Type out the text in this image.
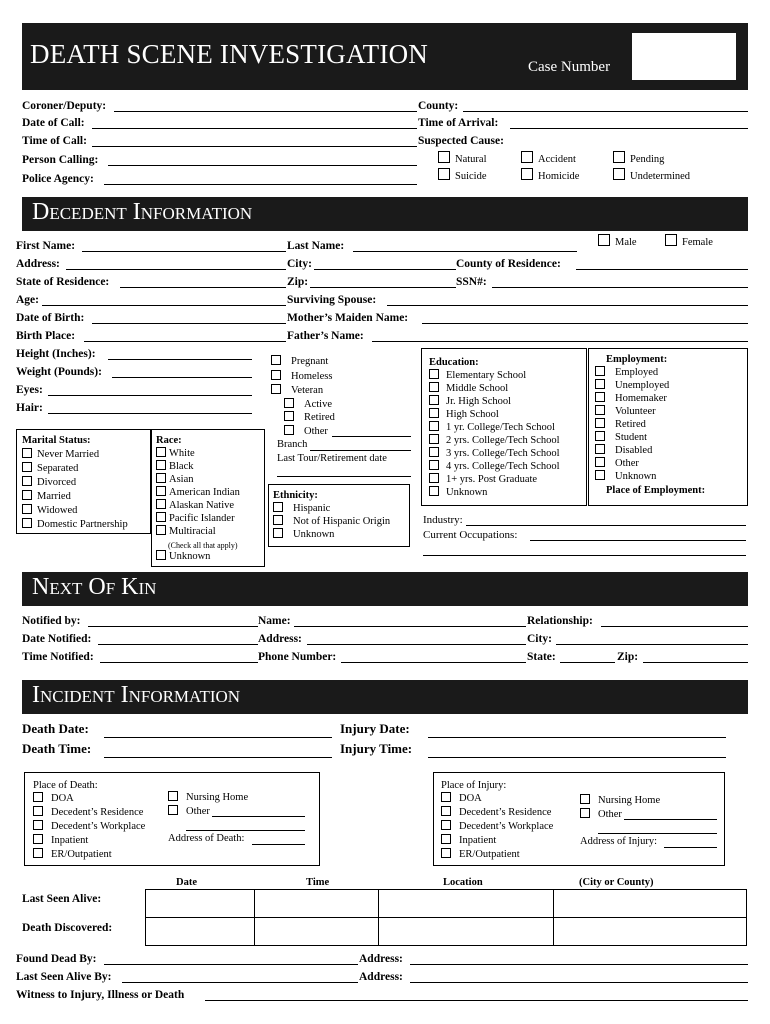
DEATH SCENE INVESTIGATION	Case Number
Coroner/Deputy:
Date of Call:
Time of Call:
Person Calling:
Police Agency:
County:
Time of Arrival:
Suspected Cause:
Natural	Accident	Pending
Suicide	Homicide	Undetermined
Decedent Information
First Name:	Last Name:	Male	Female
Address:	City:	County of Residence:
State of Residence:	Zip:	SSN#:
Age:	Surviving Spouse:
Date of Birth:	Mother’s Maiden Name:
Birth Place:	Father’s Name:
Height (Inches):
Weight (Pounds):
Eyes:
Hair:
Pregnant
Homeless
Veteran
Active
Retired
Other
Branch
Last Tour/Retirement date
Marital Status:
Never Married
Separated
Divorced
Married
Widowed
Domestic Partnership
Race:
White
Black
Asian
American Indian
Alaskan Native
Pacific Islander
Multiracial
(Check all that apply)
Unknown
Ethnicity:
Hispanic
Not of Hispanic Origin
Unknown
Education:
Elementary School
Middle School
Jr. High School
High School
1 yr. College/Tech School
2 yrs. College/Tech School
3 yrs. College/Tech School
4 yrs. College/Tech School
1+ yrs. Post Graduate
Unknown
Employment:
Employed
Unemployed
Homemaker
Volunteer
Retired
Student
Disabled
Other
Unknown
Place of Employment:
Industry:
Current Occupations:
Next Of Kin
Notified by:
Date Notified:
Time Notified:
Name:
Address:
Phone Number:
Relationship:
City:
State:	Zip:
Incident Information
Death Date:
Death Time:
Injury Date:
Injury Time:
Place of Death:
DOA
Decedent’s Residence
Decedent’s Workplace
Inpatient
ER/Outpatient
Nursing Home
Other
Address of Death:
Place of Injury:
DOA
Decedent’s Residence
Decedent’s Workplace
Inpatient
ER/Outpatient
Nursing Home
Other
Address of Injury:
Date	Time	Location	(City or County)
Last Seen Alive:
Death Discovered:

Found Dead By:	Address:
Last Seen Alive By:	Address:
Witness to Injury, Illness or Death
